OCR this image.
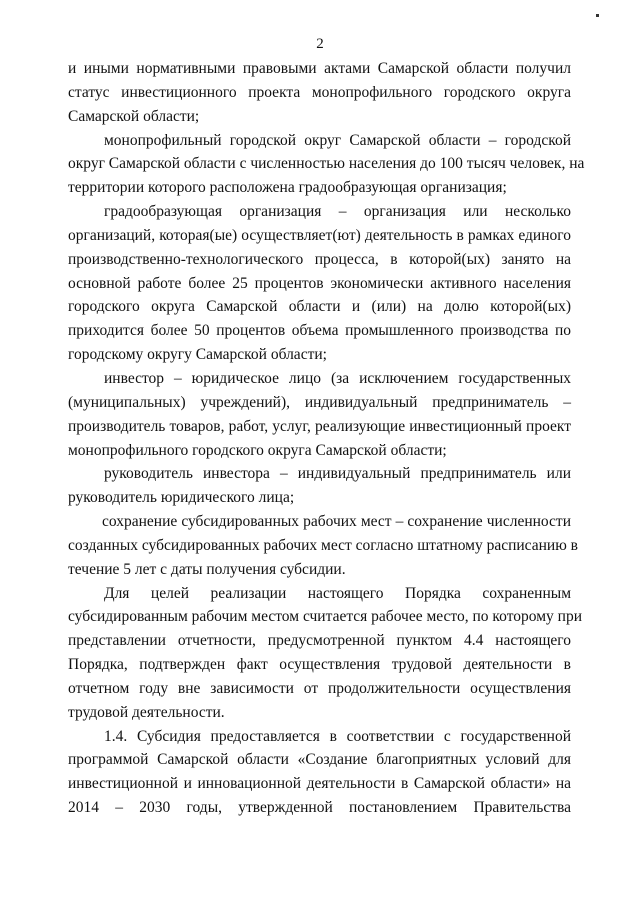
2

и иными нормативными правовыми актами Самарской области получил
статус инвестиционного проекта монопрофильного городского округа
Самарской области;

монопрофильный городской округ Самарской области – городской
округ Самарской области с численностью населения до 100 тысяч человек, на
территории которого расположена градообразующая организация;

градообразующая организация – организация или несколько
организаций, которая(ые) осуществляет(ют) деятельность в рамках единого
производственно-технологического процесса, в которой(ых) занято на
основной работе более 25 процентов экономически активного населения
городского округа Самарской области и (или) на долю которой(ых)
приходится более 50 процентов объема промышленного производства по
городскому округу Самарской области;

инвестор – юридическое лицо (за исключением государственных
(муниципальных) учреждений), индивидуальный предприниматель –
производитель товаров, работ, услуг, реализующие инвестиционный проект
монопрофильного городского округа Самарской области;

руководитель инвестора – индивидуальный предприниматель или
руководитель юридического лица;

сохранение субсидированных рабочих мест – сохранение численности
созданных субсидированных рабочих мест согласно штатному расписанию в
течение 5 лет с даты получения субсидии.

Для целей реализации настоящего Порядка сохраненным
субсидированным рабочим местом считается рабочее место, по которому при
представлении отчетности, предусмотренной пунктом 4.4 настоящего
Порядка, подтвержден факт осуществления трудовой деятельности в
отчетном году вне зависимости от продолжительности осуществления
трудовой деятельности.

1.4. Субсидия предоставляется в соответствии с государственной
программой Самарской области «Создание благоприятных условий для
инвестиционной и инновационной деятельности в Самарской области» на
2014 – 2030 годы, утвержденной постановлением Правительства
